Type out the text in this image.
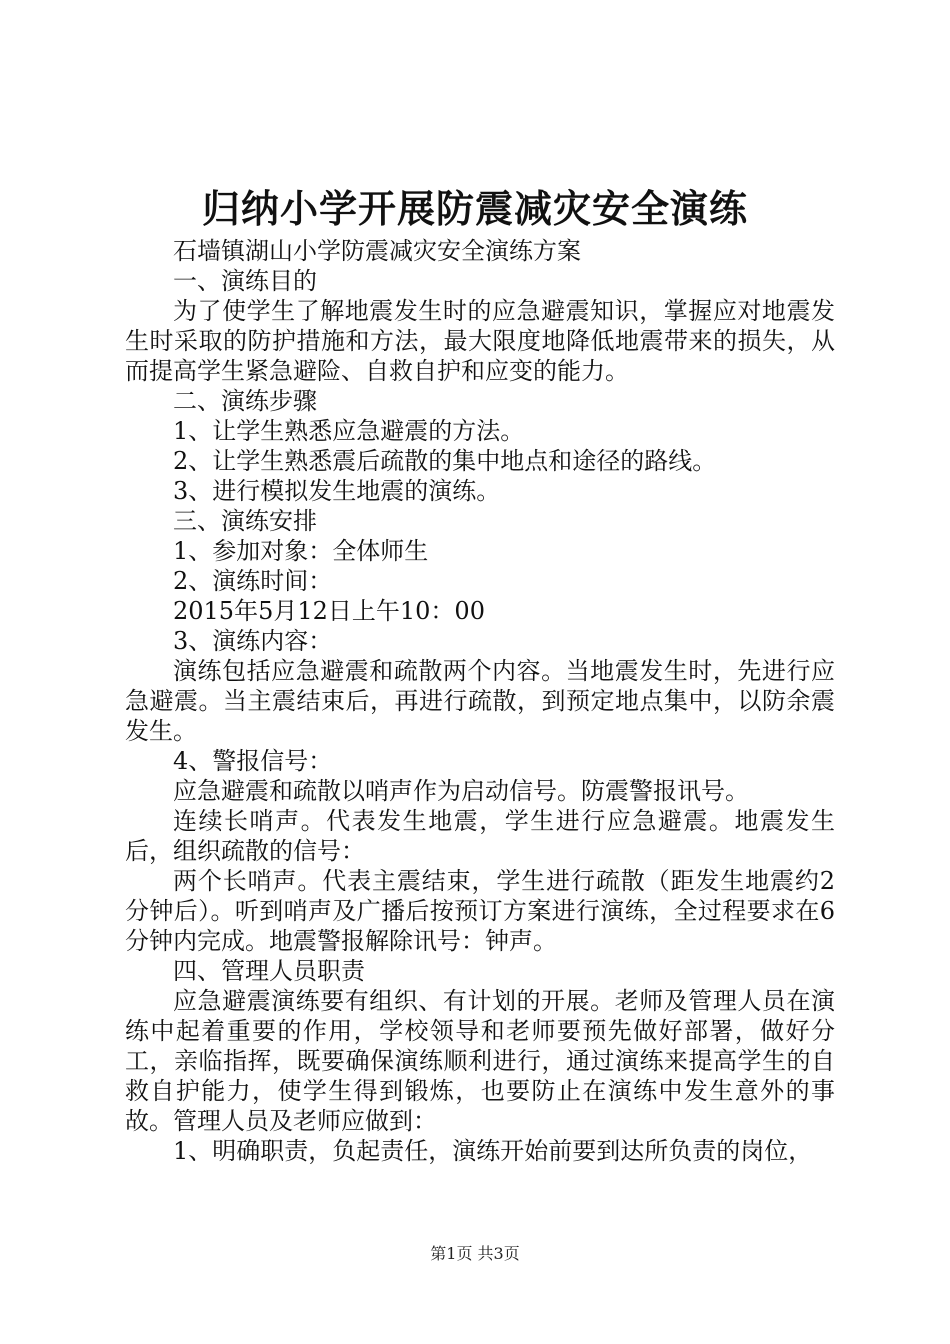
归纳小学开展防震减灾安全演练

石墙镇湖山小学防震减灾安全演练方案

一、演练目的

为了使学生了解地震发生时的应急避震知识，掌握应对地震发生时采取的防护措施和方法，最大限度地降低地震带来的损失，从而提高学生紧急避险、自救自护和应变的能力。

二、演练步骤

1、让学生熟悉应急避震的方法。

2、让学生熟悉震后疏散的集中地点和途径的路线。

3、进行模拟发生地震的演练。

三、演练安排

1、参加对象：全体师生

2、演练时间：

2015年5月12日上午10：00

3、演练内容：

演练包括应急避震和疏散两个内容。当地震发生时，先进行应急避震。当主震结束后，再进行疏散，到预定地点集中，以防余震发生。

4、警报信号：

应急避震和疏散以哨声作为启动信号。防震警报讯号。

连续长哨声。代表发生地震，学生进行应急避震。地震发生后，组织疏散的信号：

两个长哨声。代表主震结束，学生进行疏散（距发生地震约2分钟后）。听到哨声及广播后按预订方案进行演练，全过程要求在6分钟内完成。地震警报解除讯号：钟声。

四、管理人员职责

应急避震演练要有组织、有计划的开展。老师及管理人员在演练中起着重要的作用，学校领导和老师要预先做好部署，做好分工，亲临指挥，既要确保演练顺利进行，通过演练来提高学生的自救自护能力，使学生得到锻炼，也要防止在演练中发生意外的事故。管理人员及老师应做到：

1、明确职责，负起责任，演练开始前要到达所负责的岗位，

第1页 共3页
